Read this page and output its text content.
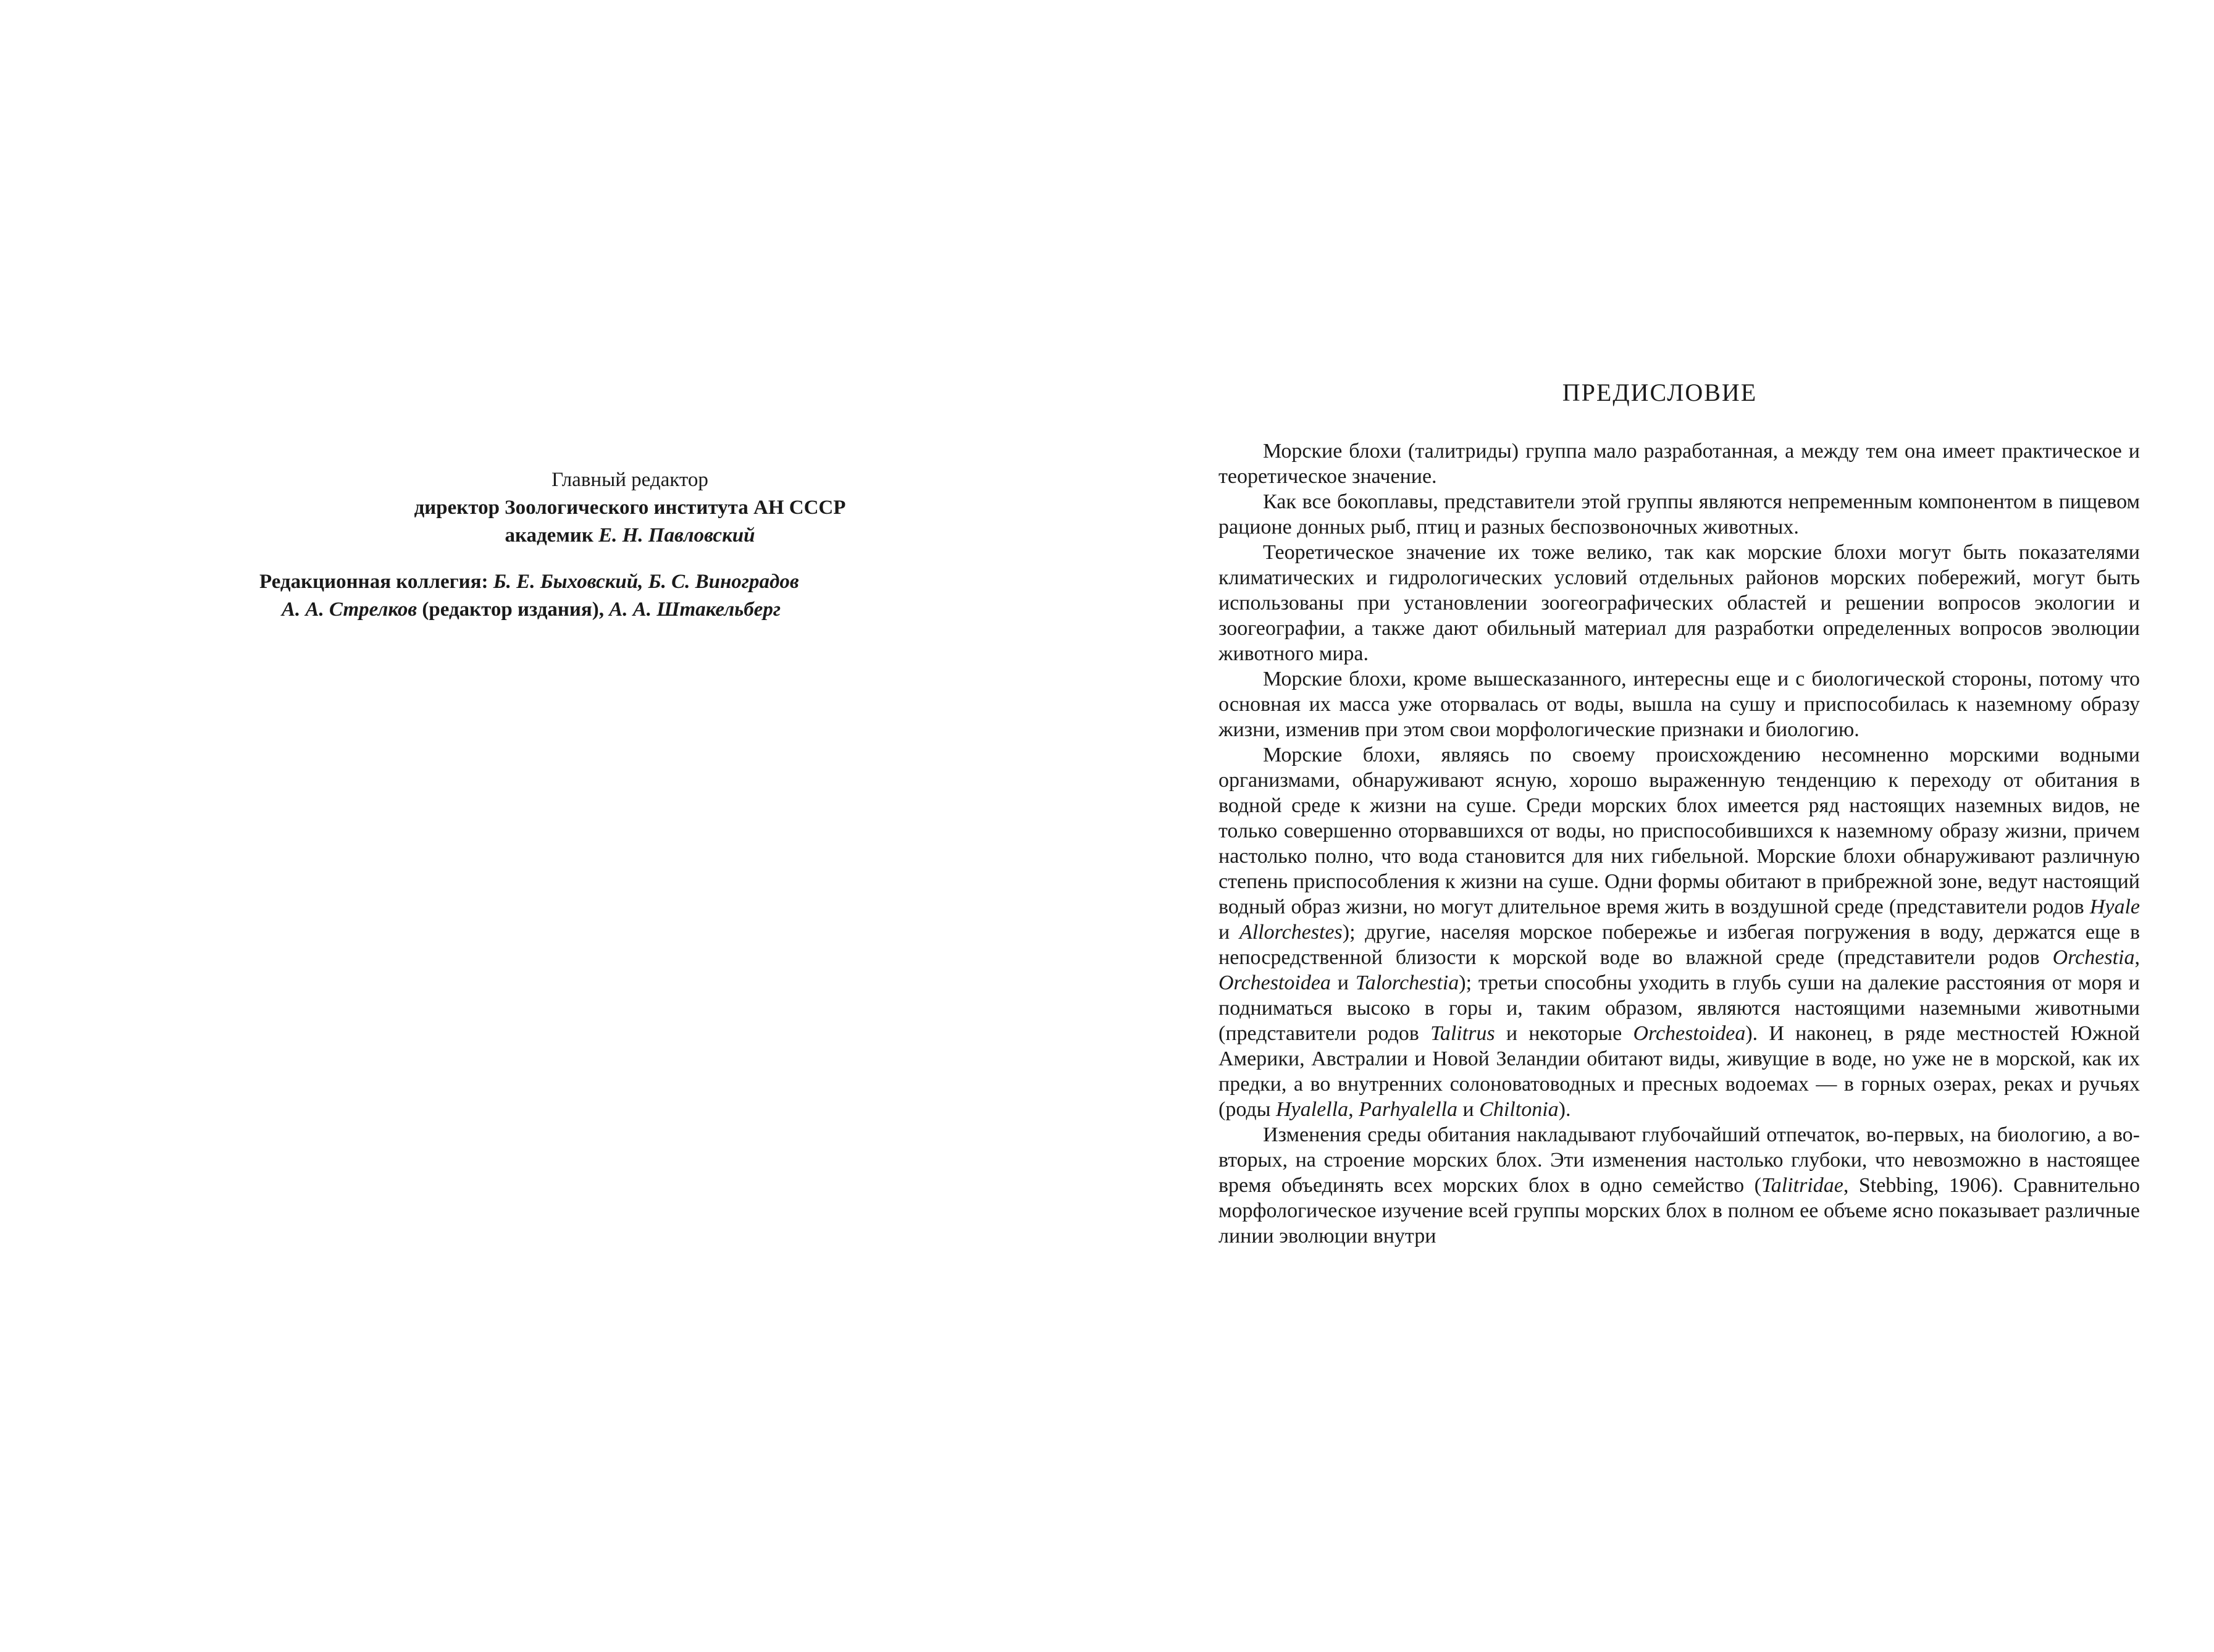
Главный редактор
директор Зоологического института АН СССР
академик Е. Н. Павловский
Редакционная коллегия: Б. Е. Быховский, Б. С. Виноградов
А. А. Стрелков (редактор издания), А. А. Штакельберг
ПРЕДИСЛОВИЕ

Морские блохи (талитриды) группа мало разработанная, а между тем она имеет практическое и теоретическое значение.

Как все бокоплавы, представители этой группы являются непременным компонентом в пищевом рационе донных рыб, птиц и разных беспозвоночных животных.

Теоретическое значение их тоже велико, так как морские блохи могут быть показателями климатических и гидрологических условий отдельных районов морских побережий, могут быть использованы при установлении зоогеографических областей и решении вопросов экологии и зоогеографии, а также дают обильный материал для разработки определенных вопросов эволюции животного мира.

Морские блохи, кроме вышесказанного, интересны еще и с биологической стороны, потому что основная их масса уже оторвалась от воды, вышла на сушу и приспособилась к наземному образу жизни, изменив при этом свои морфологические признаки и биологию.

Морские блохи, являясь по своему происхождению несомненно морскими водными организмами, обнаруживают ясную, хорошо выраженную тенденцию к переходу от обитания в водной среде к жизни на суше. Среди морских блох имеется ряд настоящих наземных видов, не только совершенно оторвавшихся от воды, но приспособившихся к наземному образу жизни, причем настолько полно, что вода становится для них гибельной. Морские блохи обнаруживают различную степень приспособления к жизни на суше. Одни формы обитают в прибрежной зоне, ведут настоящий водный образ жизни, но могут длительное время жить в воздушной среде (представители родов Hyale и Allorchestes); другие, населяя морское побережье и избегая погружения в воду, держатся еще в непосредственной близости к морской воде во влажной среде (представители родов Orchestia, Orchestoidea и Talorchestia); третьи способны уходить в глубь суши на далекие расстояния от моря и подниматься высоко в горы и, таким образом, являются настоящими наземными животными (представители родов Talitrus и некоторые Orchestoidea). И наконец, в ряде местностей Южной Америки, Австралии и Новой Зеландии обитают виды, живущие в воде, но уже не в морской, как их предки, а во внутренних солоноватоводных и пресных водоемах — в горных озерах, реках и ручьях (роды Hyalella, Parhyalella и Chiltonia).

Изменения среды обитания накладывают глубочайший отпечаток, во-первых, на биологию, а во-вторых, на строение морских блох. Эти изменения настолько глубоки, что невозможно в настоящее время объединять всех морских блох в одно семейство (Talitridae, Stebbing, 1906). Сравнительно морфологическое изучение всей группы морских блох в полном ее объеме ясно показывает различные линии эволюции внутри
